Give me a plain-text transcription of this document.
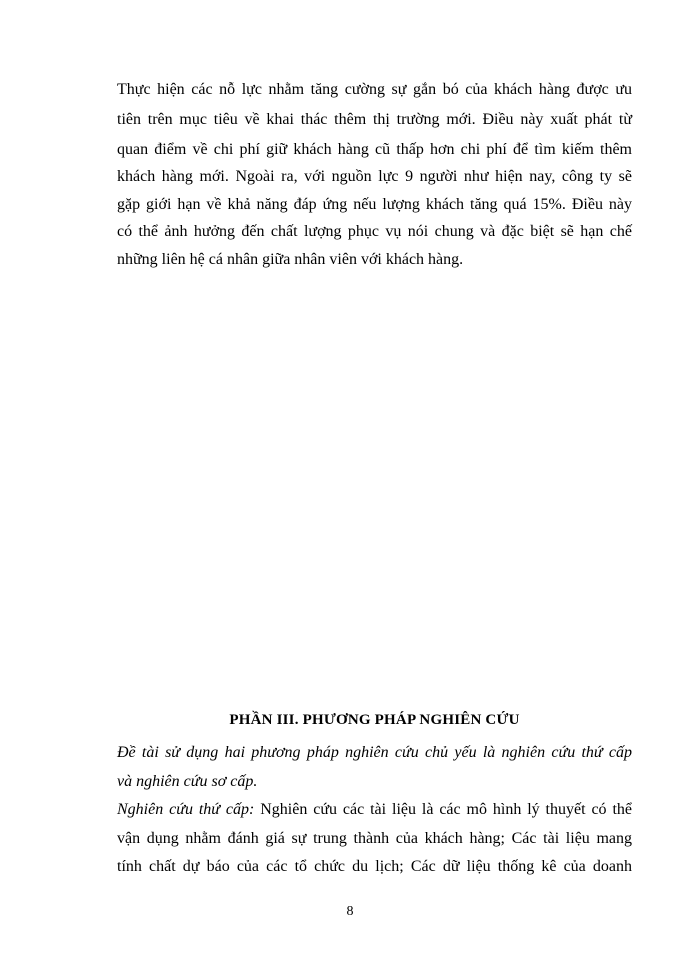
Thực hiện các nỗ lực nhằm tăng cường sự gắn bó của khách hàng được ưu
tiên trên mục tiêu về khai thác thêm thị trường mới. Điều này xuất phát từ
quan điểm về chi phí giữ khách hàng cũ thấp hơn chi phí để tìm kiếm thêm
khách hàng mới. Ngoài ra, với nguồn lực 9 người như hiện nay, công ty sẽ
gặp giới hạn về khả năng đáp ứng nếu lượng khách tăng quá 15%. Điều này
có thể ảnh hưởng đến chất lượng phục vụ nói chung và đặc biệt sẽ hạn chế
những liên hệ cá nhân giữa nhân viên với khách hàng.
PHẦN III. PHƯƠNG PHÁP NGHIÊN CỨU
Đề tài sử dụng hai phương pháp nghiên cứu chủ yếu là nghiên cứu thứ cấp
và nghiên cứu sơ cấp.
Nghiên cứu thứ cấp: Nghiên cứu các tài liệu là các mô hình lý thuyết có thể
vận dụng nhằm đánh giá sự trung thành của khách hàng; Các tài liệu mang
tính chất dự báo của các tổ chức du lịch; Các dữ liệu thống kê của doanh
8
